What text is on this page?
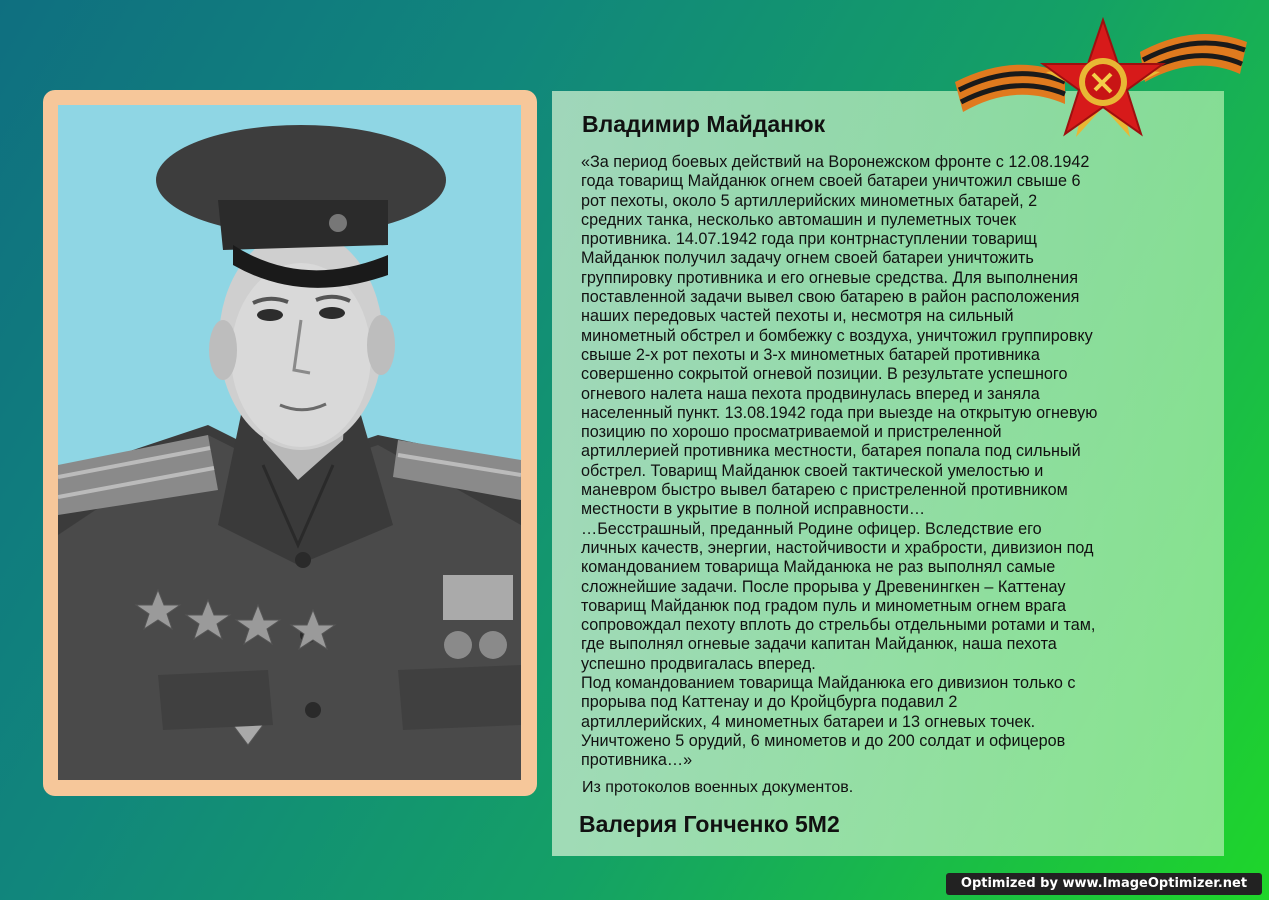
Владимир Майданюк
«За период боевых действий на Воронежском фронте с 12.08.1942
года товарищ Майданюк огнем своей батареи уничтожил свыше 6
рот пехоты, около 5 артиллерийских минометных батарей, 2
средних танка, несколько автомашин и пулеметных точек
противника. 14.07.1942 года при контрнаступлении товарищ
Майданюк получил задачу огнем своей батареи уничтожить
группировку противника и его огневые средства. Для выполнения
поставленной задачи вывел свою батарею в район расположения
наших передовых частей пехоты и, несмотря на сильный
минометный обстрел и бомбежку с воздуха, уничтожил группировку
свыше 2-х рот пехоты и 3-х минометных батарей противника
совершенно сокрытой огневой позиции. В результате успешного
огневого налета наша пехота продвинулась вперед и заняла
населенный пункт. 13.08.1942 года при выезде на открытую огневую
позицию по хорошо просматриваемой и пристреленной
артиллерией противника местности, батарея попала под сильный
обстрел. Товарищ Майданюк своей тактической умелостью и
маневром быстро вывел батарею с пристреленной противником
местности в укрытие в полной исправности…
…Бесстрашный, преданный Родине офицер. Вследствие его
личных качеств, энергии, настойчивости и храбрости, дивизион под
командованием товарища Майданюка не раз выполнял самые
сложнейшие задачи. После прорыва у Древенингкен – Каттенау
товарищ Майданюк под градом пуль и минометным огнем врага
сопровождал пехоту вплоть до стрельбы отдельными ротами и там,
где выполнял огневые задачи капитан Майданюк, наша пехота
успешно продвигалась вперед.
Под командованием товарища Майданюка его дивизион только с
прорыва под Каттенау и до Кройцбурга подавил 2
артиллерийских, 4 минометных батареи и 13 огневых точек.
Уничтожено 5 орудий, 6 минометов и до 200 солдат и офицеров
противника…»
Из протоколов военных документов.
Валерия Гонченко 5М2
Optimized by www.ImageOptimizer.net
